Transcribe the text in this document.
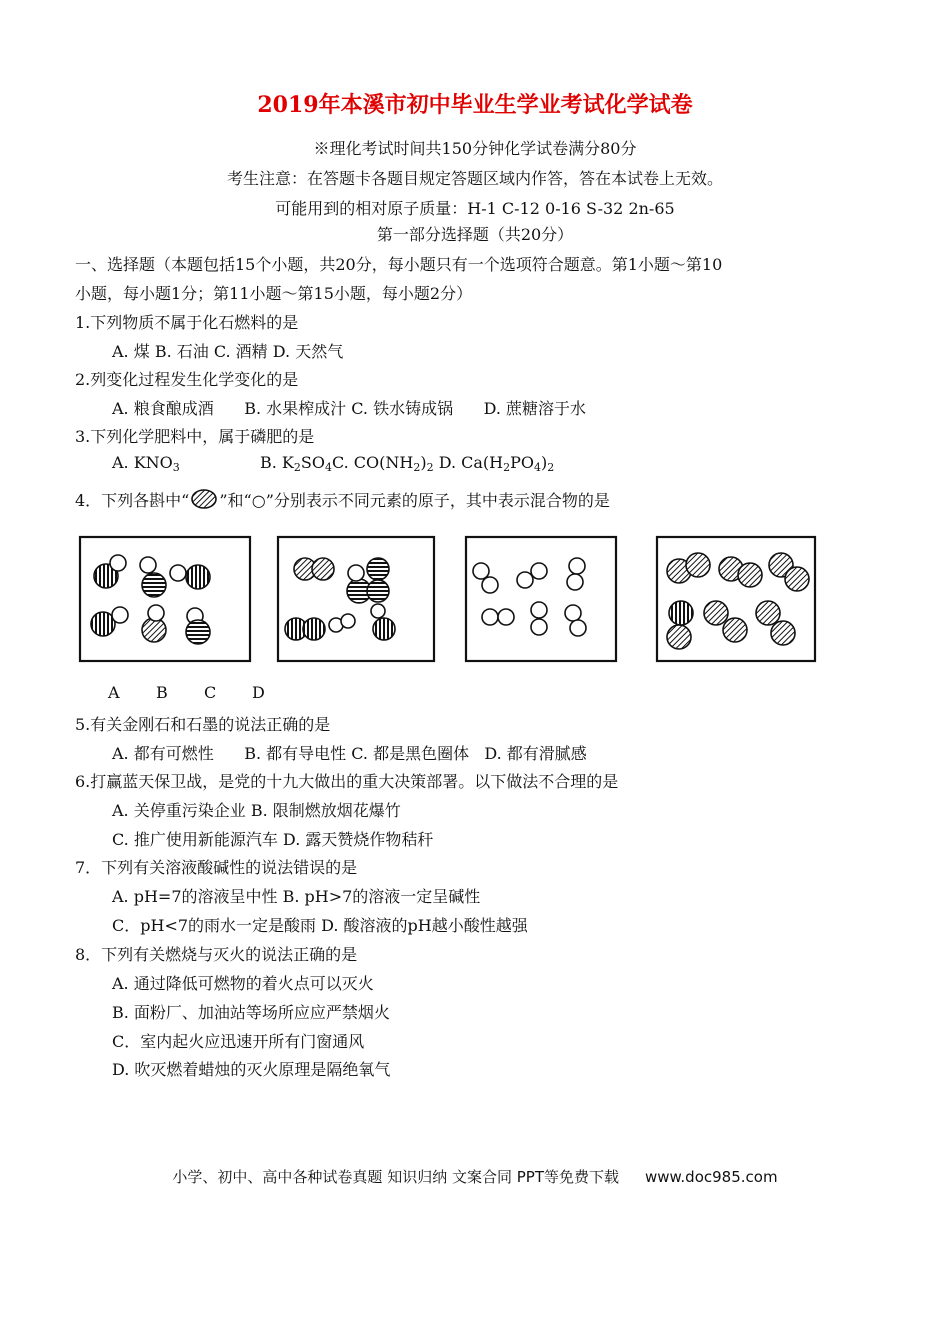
2019年本溪市初中毕业生学业考试化学试卷
※理化考试时间共150分钟化学试卷满分80分
考生注意：在答题卡各题目规定答题区域内作答，答在本试卷上无效。
可能用到的相对原子质量：H-1 C-12 0-16 S-32 2n-65
第一部分选择题（共20分）
一、选择题（本题包括15个小题，共20分，每小题只有一个选项符合题意。第1小题～第10
小题，每小题1分；第11小题～第15小题，每小题2分）
1.下列物质不属于化石燃料的是
A. 煤 B. 石油 C. 酒精 D. 天然气
2.列变化过程发生化学变化的是
A. 粮食酿成酒      B. 水果榨成汁 C. 铁水铸成锅      D. 蔗糖溶于水
3.下列化学肥料中，属于磷肥的是
A. $KNO_3$	B. $K_2SO_4C$. $CO(NH_2)_2$ D. $Ca(H_2PO_4)_2$
4．下列各斟中“ ”和“○”分别表示不同元素的原子，其中表示混合物的是
A B C D
5.有关金刚石和石墨的说法正确的是
A. 都有可燃性      B. 都有导电性 C. 都是黑色圈体   D. 都有滑腻感
6.打赢蓝天保卫战，是党的十九大做出的重大决策部署。以下做法不合理的是
A. 关停重污染企业 B. 限制燃放烟花爆竹
C. 推广使用新能源汽车 D. 露天赞烧作物秸秆
7．下列有关溶液酸碱性的说法错误的是
A. pH=7的溶液呈中性 B. pH>7的溶液一定呈碱性
C．pH<7的雨水一定是酸雨 D. 酸溶液的pH越小酸性越强
8．下列有关燃烧与灭火的说法正确的是
A. 通过降低可燃物的着火点可以灭火
B. 面粉厂、加油站等场所应应严禁烟火
C．室内起火应迅速开所有门窗通风
D. 吹灭燃着蜡烛的灭火原理是隔绝氧气
小学、初中、高中各种试卷真题 知识归纳 文案合同 PPT等免费下载 www.doc985.com
